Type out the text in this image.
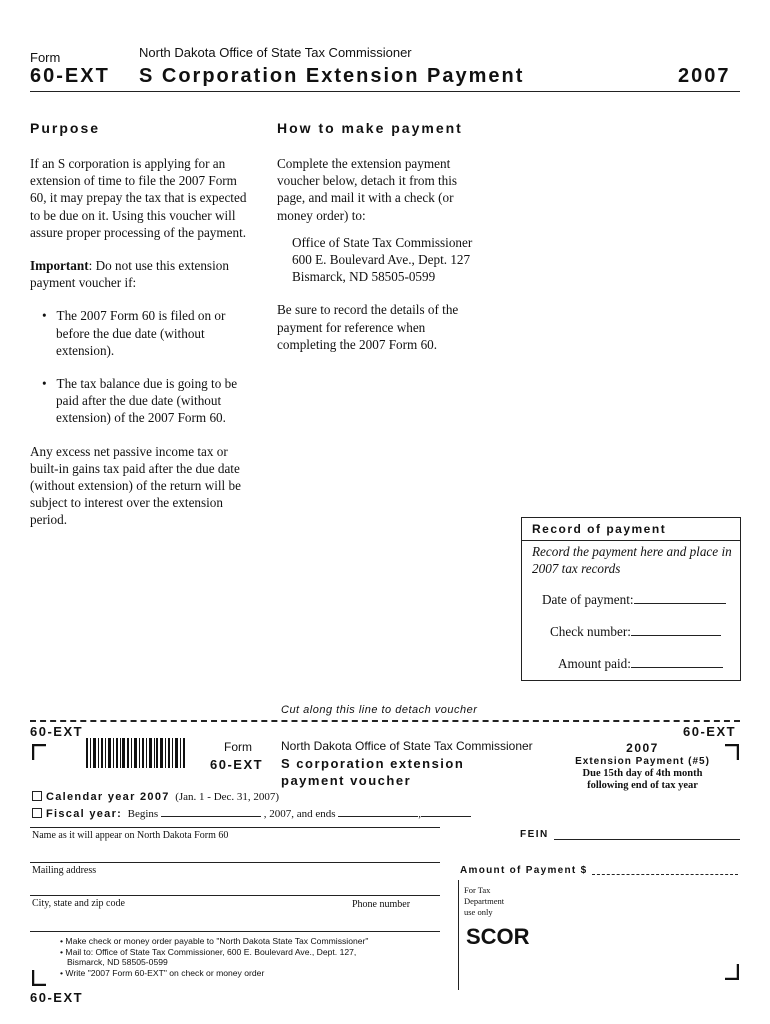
Form
60-EXT
North Dakota Office of State Tax Commissioner
S Corporation Extension Payment	2007
Purpose

If an S corporation is applying for an extension of time to file the 2007 Form 60, it may prepay the tax that is expected to be due on it. Using this voucher will assure proper processing of the payment.

Important: Do not use this extension payment voucher if:

•   The 2007 Form 60 is filed on or before the due date (without extension).

•   The tax balance due is going to be paid after the due date (without extension) of the 2007 Form 60.

Any excess net passive income tax or built-in gains tax paid after the due date (without extension) of the return will be subject to interest over the extension period.

How to make payment

Complete the extension payment voucher below, detach it from this page, and mail it with a check (or money order) to:

Office of State Tax Commissioner

600 E. Boulevard Ave., Dept. 127

Bismarck, ND 58505-0599

Be sure to record the details of the payment for reference when completing the 2007 Form 60.

Record of payment

Record the payment here and place in 2007 tax records

Date of payment:
Check number:
Amount paid:
Cut along this line to detach voucher
60-EXT	60-EXT
Form
60-EXT
North Dakota Office of State Tax Commissioner
S corporation extension
payment voucher
2007
Extension Payment (#5)
Due 15th day of 4th month
following end of tax year
Calendar year 2007 (Jan. 1 - Dec. 31, 2007)
Fiscal year: Begins	, 2007, and ends	,
Name as it will appear on North Dakota Form 60	FEIN
Mailing address	Amount of Payment $
City, state and zip code	Phone number
For Tax
Department
use only
SCOR
• Make check or money order payable to "North Dakota State Tax Commissioner"
• Mail to: Office of State Tax Commissioner, 600 E. Boulevard Ave., Dept. 127,
Bismarck, ND 58505-0599
• Write "2007 Form 60-EXT" on check or money order
60-EXT
